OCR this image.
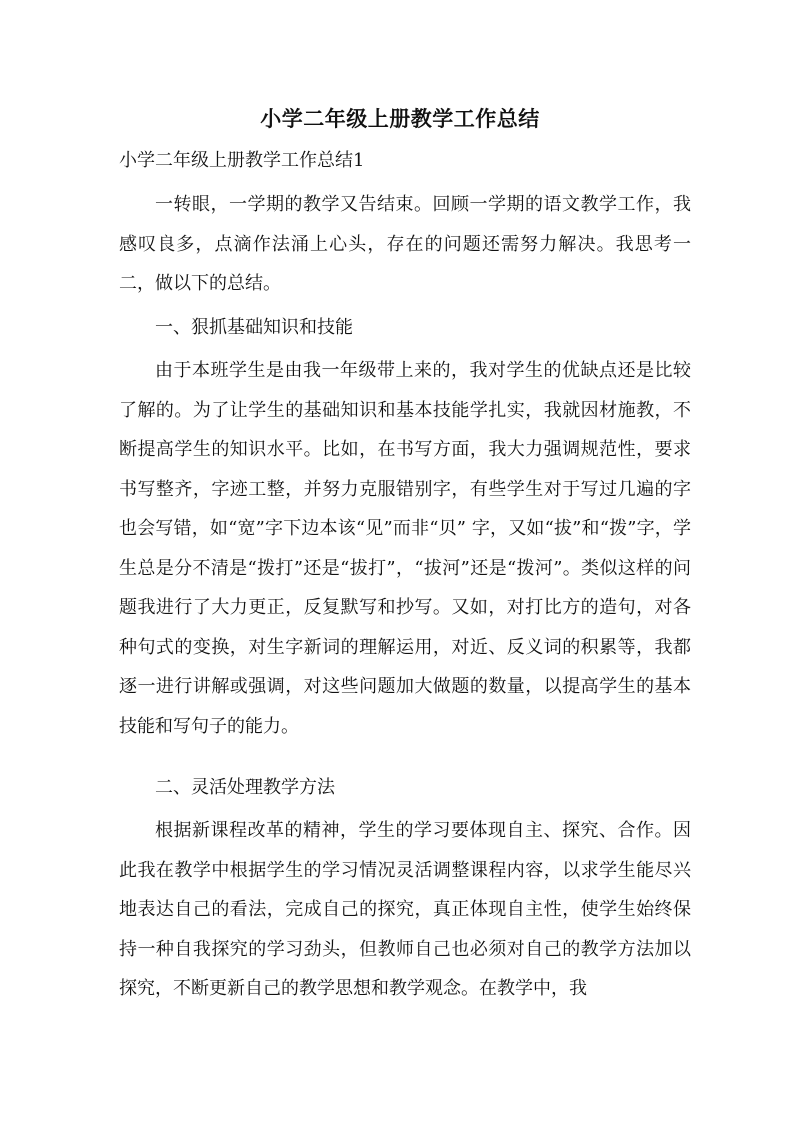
小学二年级上册教学工作总结
小学二年级上册教学工作总结1

一转眼，一学期的教学又告结束。回顾一学期的语文教学工作，我感叹良多，点滴作法涌上心头，存在的问题还需努力解决。我思考一二，做以下的总结。

一、狠抓基础知识和技能

由于本班学生是由我一年级带上来的，我对学生的优缺点还是比较了解的。为了让学生的基础知识和基本技能学扎实，我就因材施教，不断提高学生的知识水平。比如，在书写方面，我大力强调规范性，要求书写整齐，字迹工整，并努力克服错别字，有些学生对于写过几遍的字也会写错，如“宽”字下边本该“见”而非“贝” 字，又如“拔”和“拨”字，学生总是分不清是“拨打”还是“拔打”，“拔河”还是“拨河”。类似这样的问题我进行了大力更正，反复默写和抄写。又如，对打比方的造句，对各种句式的变换，对生字新词的理解运用，对近、反义词的积累等，我都逐一进行讲解或强调，对这些问题加大做题的数量，以提高学生的基本技能和写句子的能力。

二、灵活处理教学方法

根据新课程改革的精神，学生的学习要体现自主、探究、合作。因此我在教学中根据学生的学习情况灵活调整课程内容，以求学生能尽兴地表达自己的看法，完成自己的探究，真正体现自主性，使学生始终保持一种自我探究的学习劲头，但教师自己也必须对自己的教学方法加以探究，不断更新自己的教学思想和教学观念。在教学中，我
